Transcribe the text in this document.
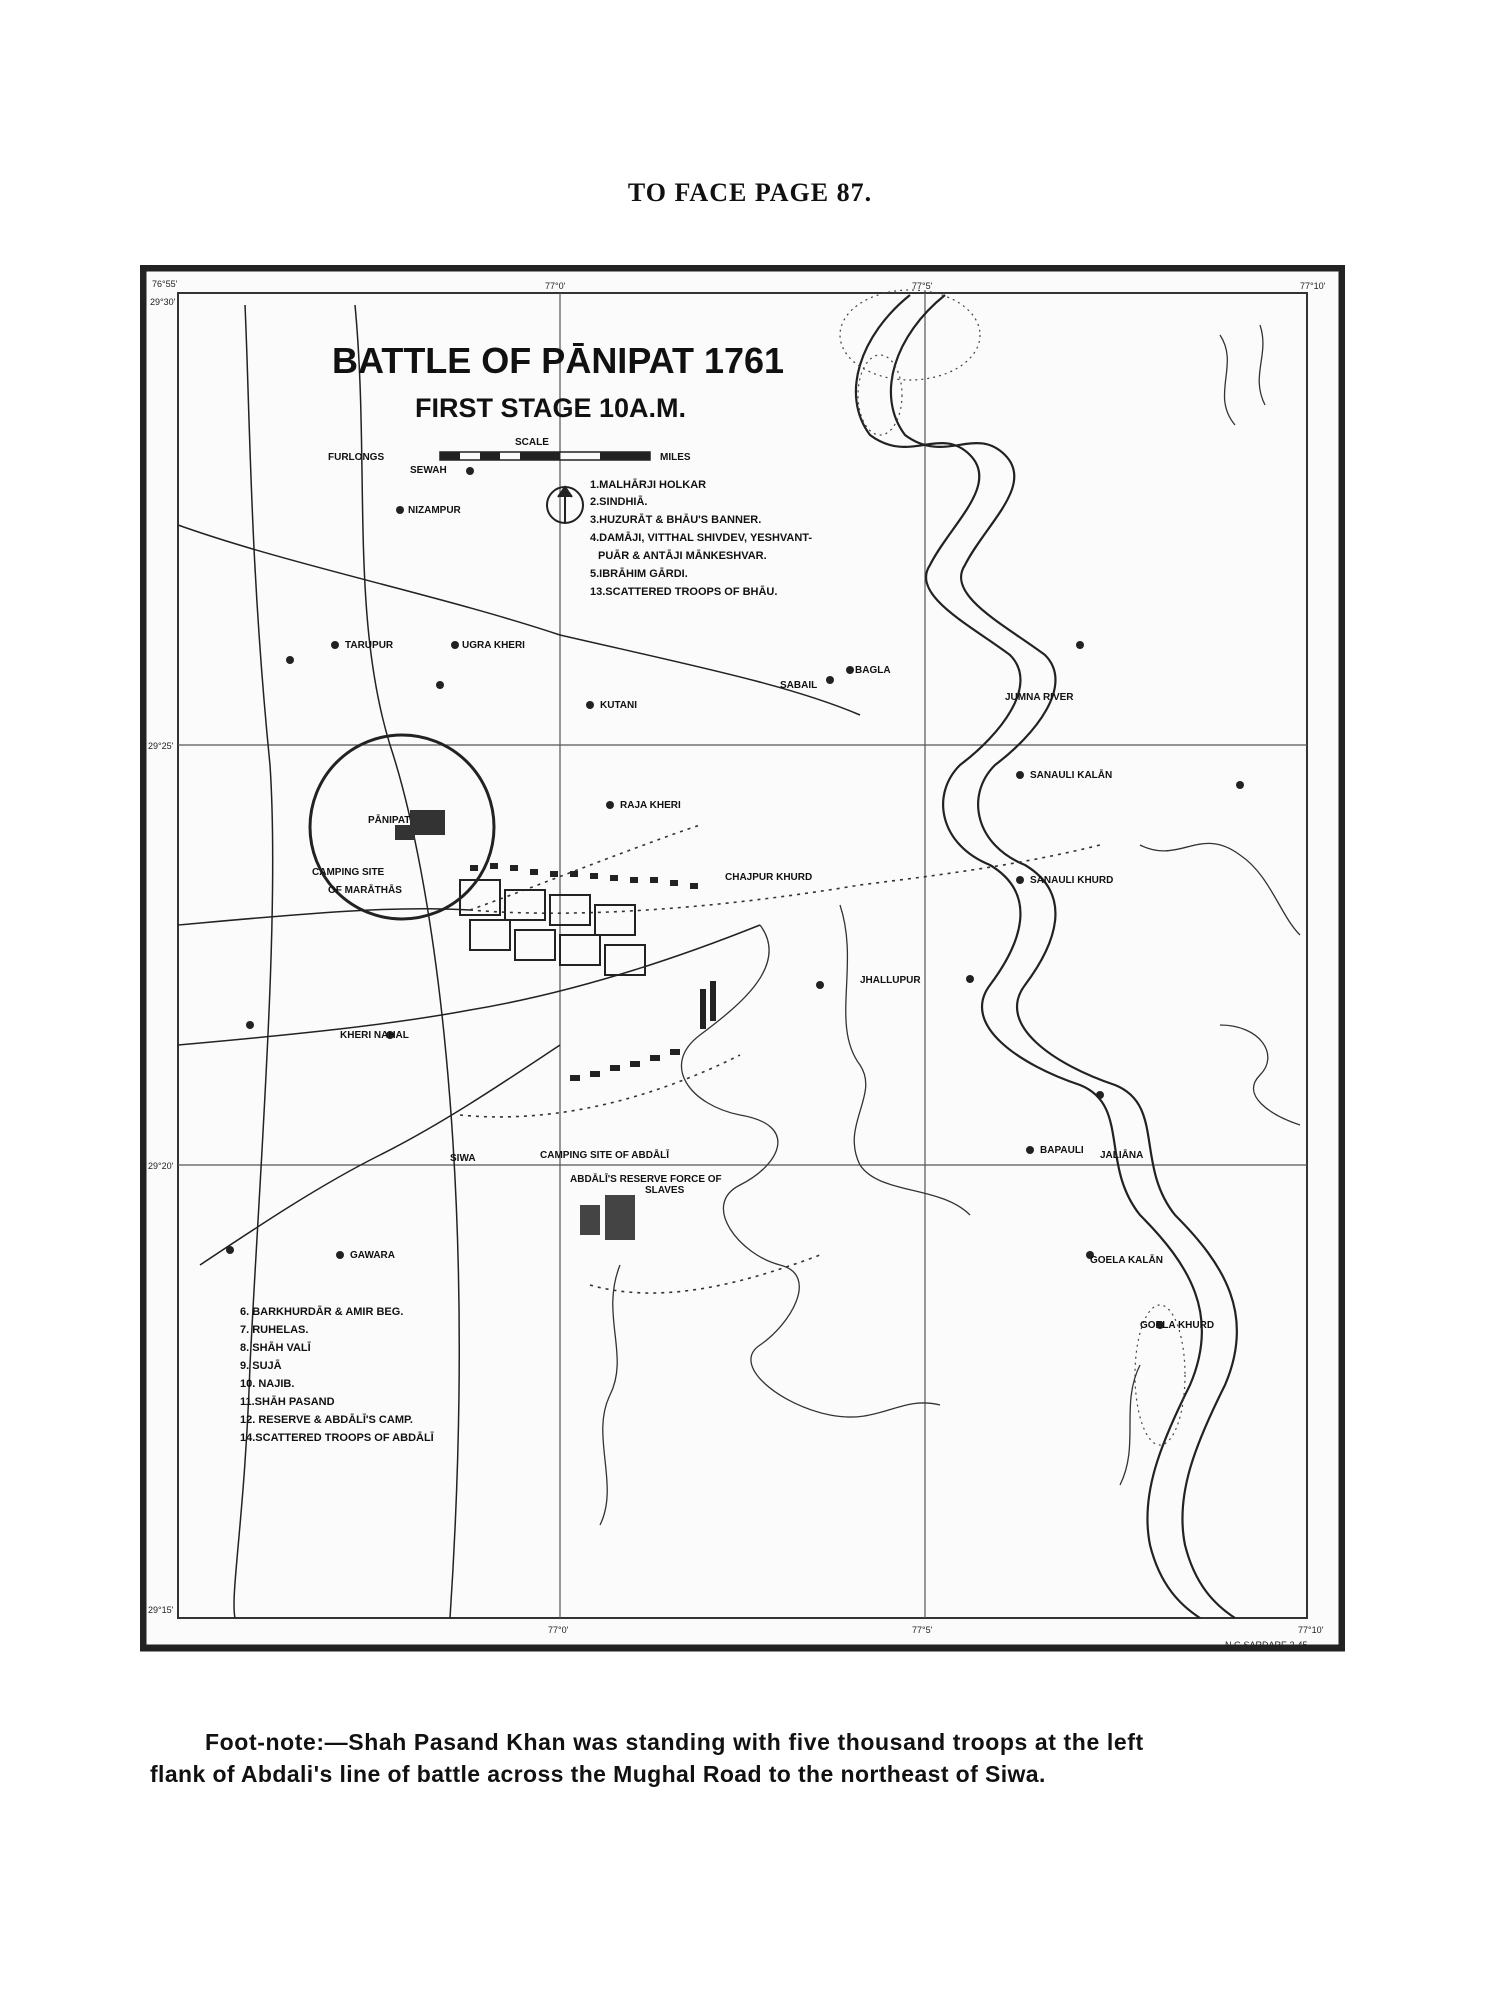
TO FACE PAGE 87.
BATTLE OF PĀNIPAT 1761
FIRST STAGE 10A.M.
SCALE
FURLONGS	MILES
1.MALHĀRJI HOLKAR
2.SINDHIĀ.
3.HUZURĀT & BHĀU'S BANNER.
4.DAMĀJI, VITTHAL SHIVDEV, YESHVANT-
PUĀR & ANTĀJI MĀNKESHVAR.
5.IBRĀHIM GĀRDI.
13.SCATTERED TROOPS OF BHĀU.
6. BARKHURDĀR & AMIR BEG.
7. RUHELAS.
8. SHĀH VALĪ
9. SUJĀ
10. NAJIB.
11.SHĀH PASAND
12. RESERVE & ABDĀLĪ'S CAMP.
14.SCATTERED TROOPS OF ABDĀLĪ
PĀNIPAT
CAMPING SITE
OF MARĀTHĀS
CAMPING SITE OF ABDĀLĪ
ABDĀLĪ'S RESERVE FORCE OF
SLAVES
JUMNA RIVER
SEWAH
NIZAMPUR
TARUPUR	UGRA KHERI
KUTANI
RAJA KHERI
SABAIL
BAGLA
SANAULI KALĀN
SANAULI KHURD
CHAJPUR KHURD
JHALLUPUR
KHERI NAHAL
BAPAULI JALIĀNA
GOELA KALĀN
GOELA KHURD
SIWA
GAWARA
76°55'
29°30'
77°0'	77°5'	77°10'
29°25'
29°20'
29°15'
77°0'	77°5'	77°10'
N.G.SARDARE 2-45
Foot-note:—Shah Pasand Khan was standing with five thousand troops at the left
flank of Abdali's line of battle across the Mughal Road to the northeast of Siwa.
